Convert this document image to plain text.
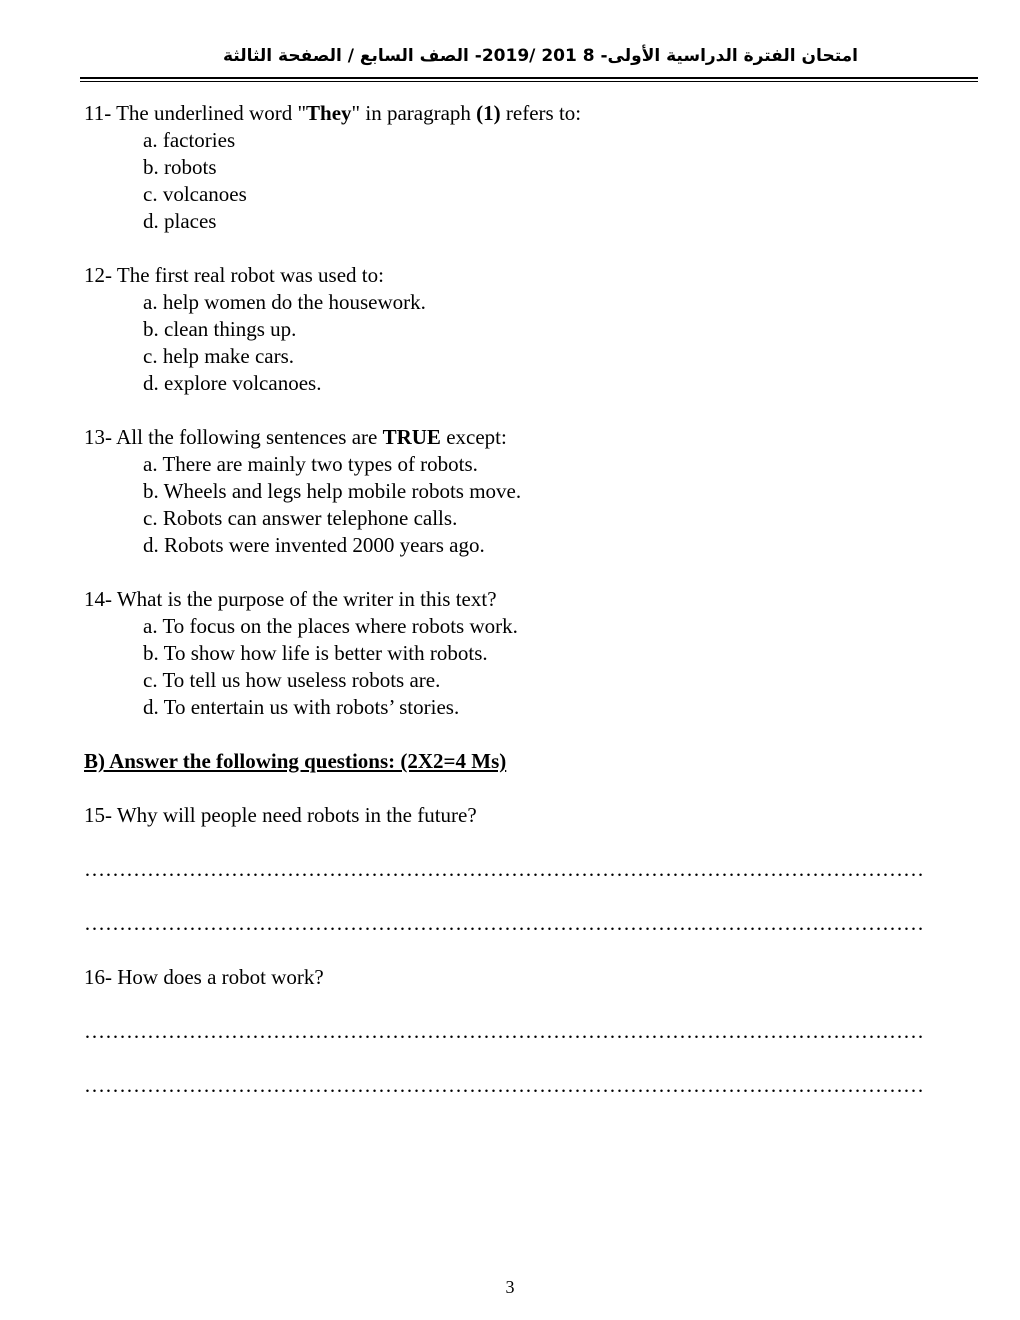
امتحان الفترة الدراسية الأولى- 8 201 /2019- الصف السابع / الصفحة الثالثة
11- The underlined word "They" in paragraph (1) refers to:
a. factories
b. robots
c. volcanoes
d. places
12- The first real robot was used to:
a. help women do the housework.
b. clean things up.
c. help make cars.
d. explore volcanoes.
13- All the following sentences are TRUE except:
a. There are mainly two types of robots.
b. Wheels and legs help mobile robots move.
c. Robots can answer telephone calls.
d. Robots were invented 2000 years ago.
14- What is the purpose of the writer in this text?
a. To focus on the places where robots work.
b. To show how life is better with robots.
c. To tell us how useless robots are.
d. To entertain us with robots’ stories.
B) Answer the following questions: (2X2=4 Ms)
15- Why will people need robots in the future?
…………………………………………………………………………………………………………
…………………………………………………………………………………………………………
16- How does a robot work?
…………………………………………………………………………………………………………
…………………………………………………………………………………………………………
3
